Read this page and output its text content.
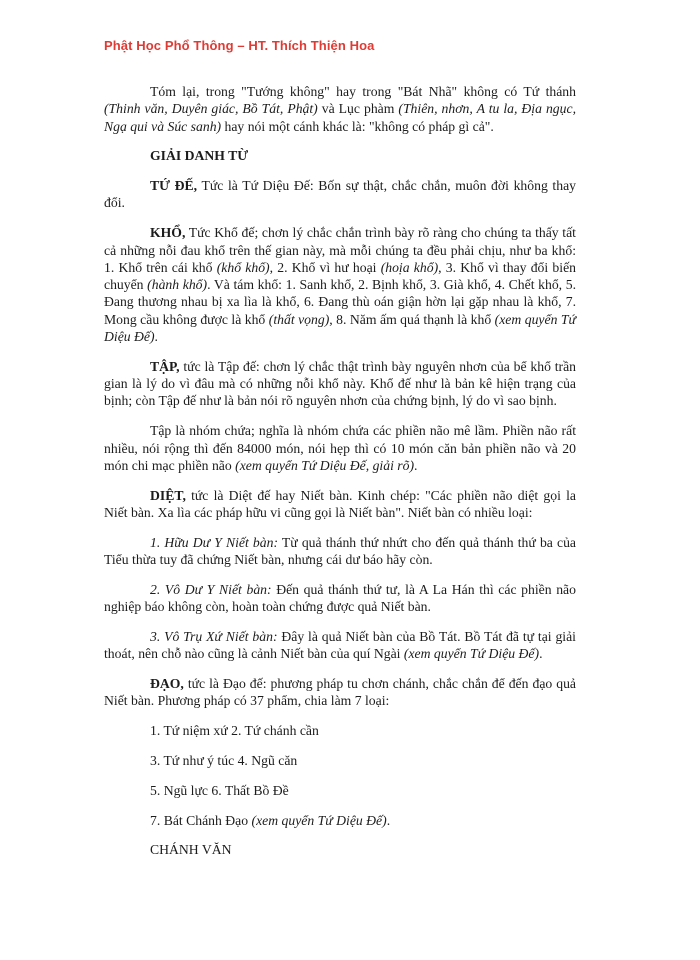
Phật Học Phổ Thông – HT. Thích Thiện Hoa

Tóm lại, trong "Tướng không" hay trong "Bát Nhã" không có Tứ thánh (Thinh văn, Duyên giác, Bồ Tát, Phật) và Lục phàm (Thiên, nhơn, A tu la, Địa ngục, Ngạ qui và Súc sanh) hay nói một cánh khác là: "không có pháp gì cả".

GIẢI DANH TỪ

TỨ ĐẾ, Tức là Tứ Diệu Đế: Bốn sự thật, chắc chắn, muôn đời không thay đổi.

KHỔ, Tức Khổ đế; chơn lý chắc chắn trình bày rõ ràng cho chúng ta thấy tất cả những nỗi đau khổ trên thế gian này, mà mỗi chúng ta đều phải chịu, như ba khổ: 1. Khổ trên cái khổ (khổ khổ), 2. Khổ vì hư hoại (hoịa khổ), 3. Khổ vì thay đổi biến chuyển (hành khổ). Và tám khổ: 1. Sanh khổ, 2. Bịnh khổ, 3. Già khổ, 4. Chết khổ, 5. Đang thương nhau bị xa lìa là khổ, 6. Đang thù oán giận hờn lại gặp nhau là khổ, 7. Mong cầu không được là khổ (thất vọng), 8. Năm ấm quá thạnh là khổ (xem quyển Tứ Diệu Đế).

TẬP, tức là Tập đế: chơn lý chắc thật trình bày nguyên nhơn của bể khổ trần gian là lý do vì đâu mà có những nỗi khổ này. Khổ đế như là bản kê hiện trạng của bịnh; còn Tập đế như là bản nói rõ nguyên nhơn của chứng bịnh, lý do vì sao bịnh.

Tập là nhóm chứa; nghĩa là nhóm chứa các phiền não mê lầm. Phiền não rất nhiều, nói rộng thì đến 84000 món, nói hẹp thì có 10 món căn bản phiền não và 20 món chi mạc phiền não (xem quyển Tứ Diệu Đế, giải rõ).

DIỆT, tức là Diệt đế hay Niết bàn. Kinh chép: "Các phiền não diệt gọi la Niết bàn. Xa lìa các pháp hữu vi cũng gọi là Niết bàn". Niết bàn có nhiều loại:

1. Hữu Dư Y Niết bàn: Từ quả thánh thứ nhứt cho đến quả thánh thứ ba của Tiểu thừa tuy đã chứng Niết bàn, nhưng cái dư báo hãy còn.

2. Vô Dư Y Niết bàn: Đến quả thánh thứ tư, là A La Hán thì các phiền não nghiệp báo không còn, hoàn toàn chứng được quả Niết bàn.

3. Vô Trụ Xứ Niết bàn: Đây là quả Niết bàn của Bồ Tát. Bồ Tát đã tự tại giải thoát, nên chỗ nào cũng là cảnh Niết bàn của quí Ngài (xem quyển Tứ Diệu Đế).

ĐẠO, tức là Đạo đế: phương pháp tu chơn chánh, chắc chắn để đến đạo quả Niết bàn. Phương pháp có 37 phẩm, chia làm 7 loại:

1. Tứ niệm xứ 2. Tứ chánh cần

3. Tứ như ý túc 4. Ngũ căn

5. Ngũ lực 6. Thất Bồ Đề

7. Bát Chánh Đạo (xem quyển Tứ Diệu Đế).

CHÁNH VĂN
